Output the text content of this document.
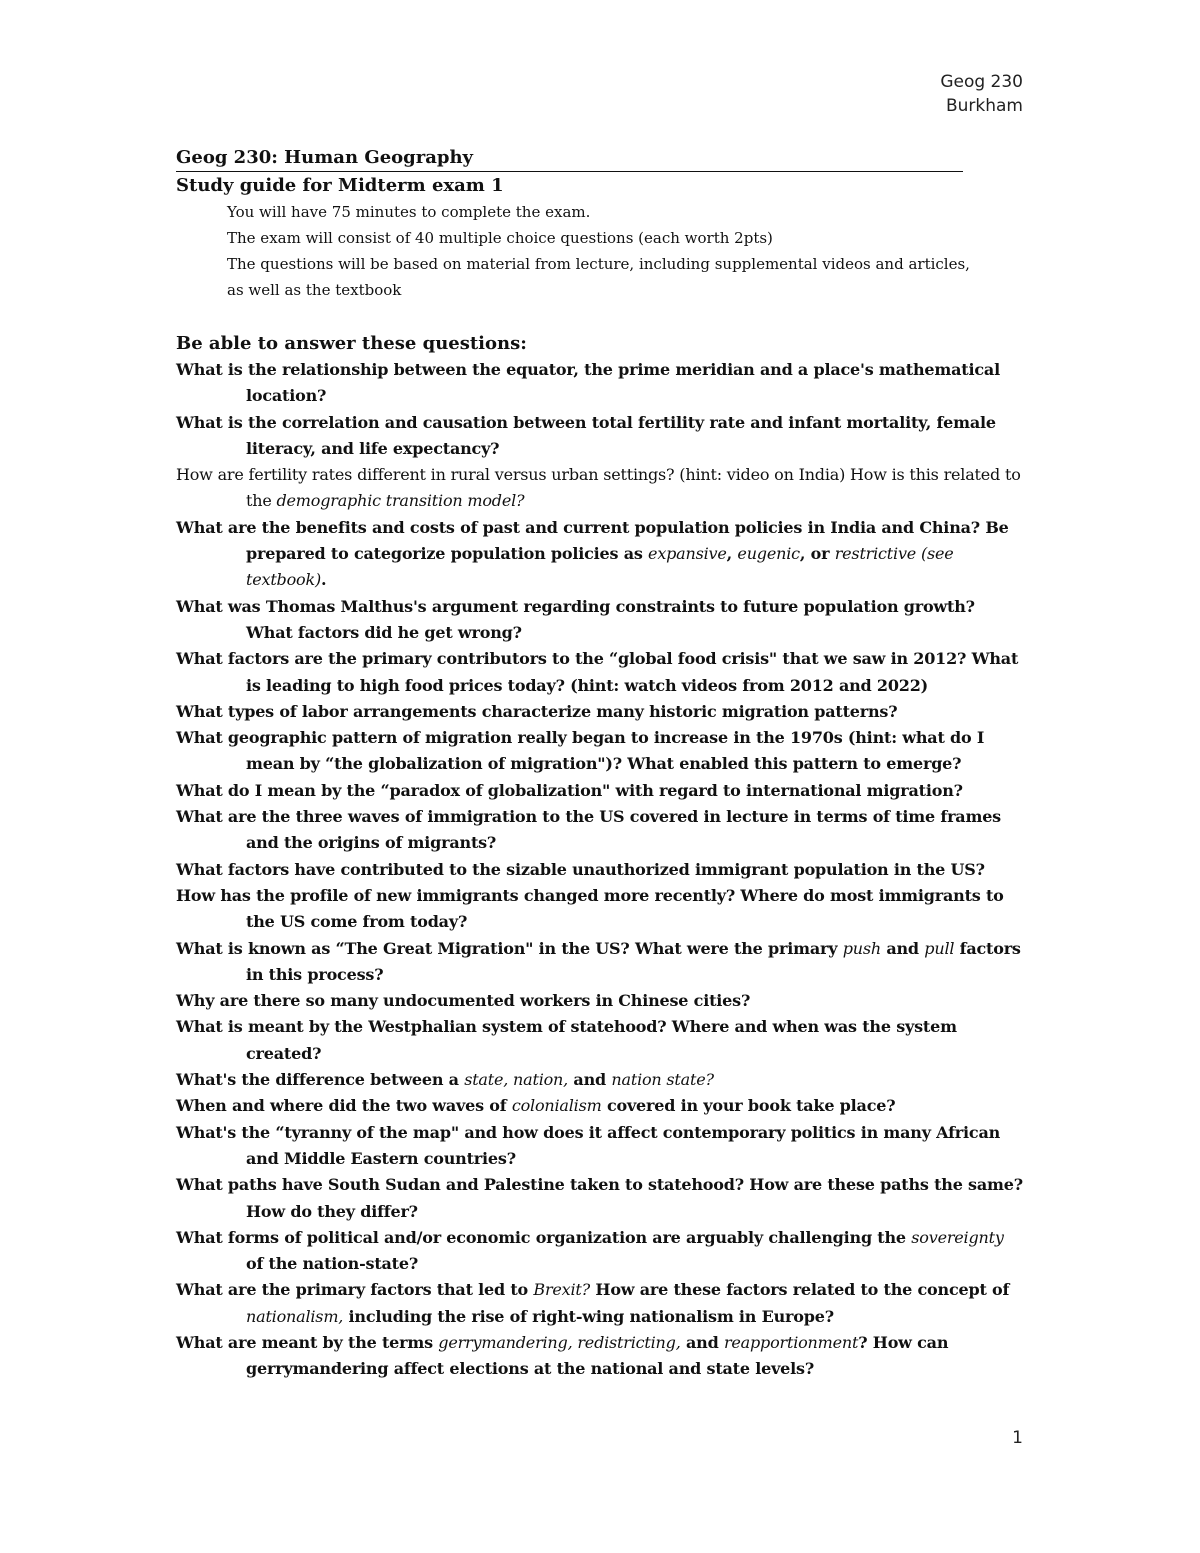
Geog 230
Burkham
Geog 230: Human Geography
Study guide for Midterm exam 1
You will have 75 minutes to complete the exam.
The exam will consist of 40 multiple choice questions (each worth 2pts)
The questions will be based on material from lecture, including supplemental videos and articles, as well as the textbook
Be able to answer these questions:
What is the relationship between the equator, the prime meridian and a place's mathematical location?
What is the correlation and causation between total fertility rate and infant mortality, female literacy, and life expectancy?
How are fertility rates different in rural versus urban settings? (hint: video on India) How is this related to the demographic transition model?
What are the benefits and costs of past and current population policies in India and China? Be prepared to categorize population policies as expansive, eugenic, or restrictive (see textbook).
What was Thomas Malthus's argument regarding constraints to future population growth? What factors did he get wrong?
What factors are the primary contributors to the “global food crisis" that we saw in 2012? What is leading to high food prices today? (hint: watch videos from 2012 and 2022)
What types of labor arrangements characterize many historic migration patterns?
What geographic pattern of migration really began to increase in the 1970s (hint: what do I mean by “the globalization of migration")? What enabled this pattern to emerge?
What do I mean by the “paradox of globalization" with regard to international migration?
What are the three waves of immigration to the US covered in lecture in terms of time frames and the origins of migrants?
What factors have contributed to the sizable unauthorized immigrant population in the US?
How has the profile of new immigrants changed more recently? Where do most immigrants to the US come from today?
What is known as “The Great Migration" in the US? What were the primary push and pull factors in this process?
Why are there so many undocumented workers in Chinese cities?
What is meant by the Westphalian system of statehood? Where and when was the system created?
What's the difference between a state, nation, and nation state?
When and where did the two waves of colonialism covered in your book take place?
What's the “tyranny of the map" and how does it affect contemporary politics in many African and Middle Eastern countries?
What paths have South Sudan and Palestine taken to statehood? How are these paths the same? How do they differ?
What forms of political and/or economic organization are arguably challenging the sovereignty of the nation-state?
What are the primary factors that led to Brexit? How are these factors related to the concept of nationalism, including the rise of right-wing nationalism in Europe?
What are meant by the terms gerrymandering, redistricting, and reapportionment? How can gerrymandering affect elections at the national and state levels?
1
